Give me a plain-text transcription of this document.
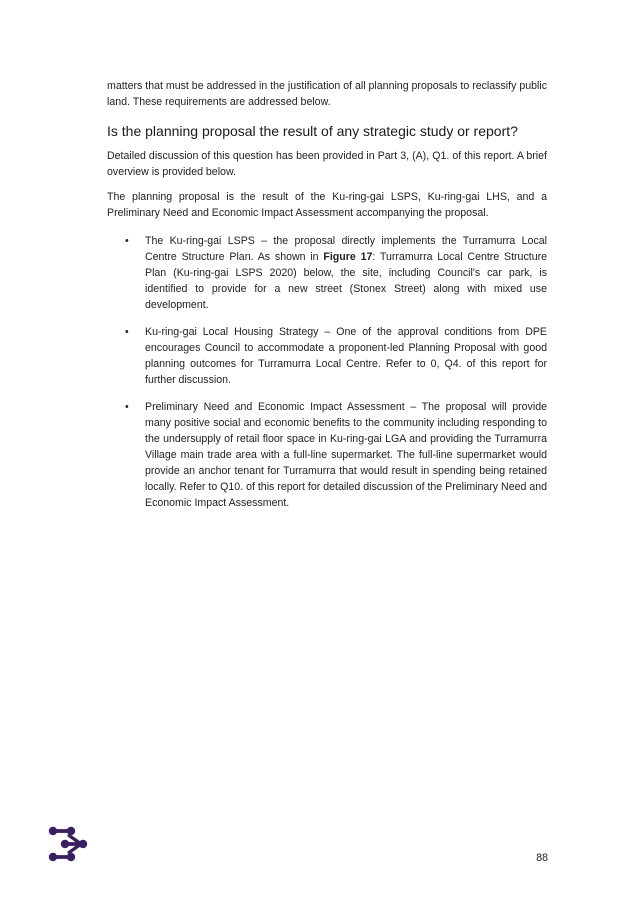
matters that must be addressed in the justification of all planning proposals to reclassify public land. These requirements are addressed below.

Is the planning proposal the result of any strategic study or report?

Detailed discussion of this question has been provided in Part 3, (A), Q1. of this report. A brief overview is provided below.

The planning proposal is the result of the Ku-ring-gai LSPS, Ku-ring-gai LHS, and a Preliminary Need and Economic Impact Assessment accompanying the proposal.

• The Ku-ring-gai LSPS – the proposal directly implements the Turramurra Local Centre Structure Plan. As shown in Figure 17: Turramurra Local Centre Structure Plan (Ku-ring-gai LSPS 2020) below, the site, including Council's car park, is identified to provide for a new street (Stonex Street) along with mixed use development.
• Ku-ring-gai Local Housing Strategy – One of the approval conditions from DPE encourages Council to accommodate a proponent-led Planning Proposal with good planning outcomes for Turramurra Local Centre. Refer to 0, Q4. of this report for further discussion.
• Preliminary Need and Economic Impact Assessment – The proposal will provide many positive social and economic benefits to the community including responding to the undersupply of retail floor space in Ku-ring-gai LGA and providing the Turramurra Village main trade area with a full-line supermarket. The full-line supermarket would provide an anchor tenant for Turramurra that would result in spending being retained locally. Refer to Q10. of this report for detailed discussion of the Preliminary Need and Economic Impact Assessment.
88
